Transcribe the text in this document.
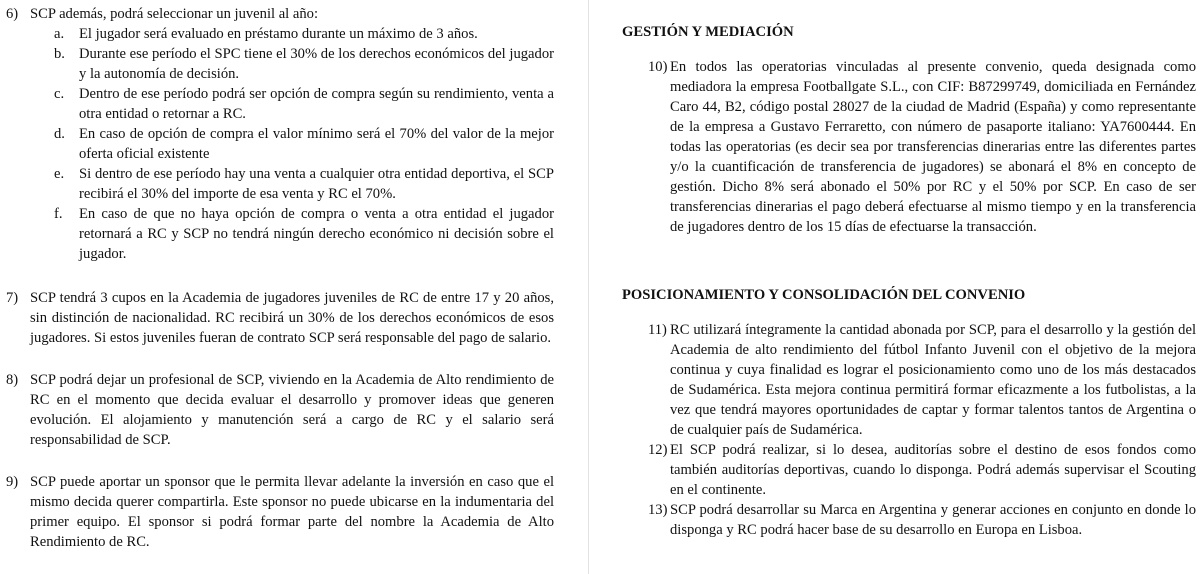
6) SCP además, podrá seleccionar un juvenil al año:
a. El jugador será evaluado en préstamo durante un máximo de 3 años.
b. Durante ese período el SPC tiene el 30% de los derechos económicos del jugador y la autonomía de decisión.
c. Dentro de ese período podrá ser opción de compra según su rendimiento, venta a otra entidad o retornar a RC.
d. En caso de opción de compra el valor mínimo será el 70% del valor de la mejor oferta oficial existente
e. Si dentro de ese período hay una venta a cualquier otra entidad deportiva, el SCP recibirá el 30% del importe de esa venta y RC el 70%.
f. En caso de que no haya opción de compra o venta a otra entidad el jugador retornará a RC y SCP no tendrá ningún derecho económico ni decisión sobre el jugador.
7) SCP tendrá 3 cupos en la Academia de jugadores juveniles de RC de entre 17 y 20 años, sin distinción de nacionalidad. RC recibirá un 30% de los derechos económicos de esos jugadores. Si estos juveniles fueran de contrato SCP será responsable del pago de salario.
8) SCP podrá dejar un profesional de SCP, viviendo en la Academia de Alto rendimiento de RC en el momento que decida evaluar el desarrollo y promover ideas que generen evolución. El alojamiento y manutención será a cargo de RC y el salario será responsabilidad de SCP.
9) SCP puede aportar un sponsor que le permita llevar adelante la inversión en caso que el mismo decida querer compartirla. Este sponsor no puede ubicarse en la indumentaria del primer equipo. El sponsor si podrá formar parte del nombre la Academia de Alto Rendimiento de RC.
GESTIÓN Y MEDIACIÓN
10) En todos las operatorias vinculadas al presente convenio, queda designada como mediadora la empresa Footballgate S.L., con CIF: B87299749, domiciliada en Fernández Caro 44, B2, código postal 28027 de la ciudad de Madrid (España) y como representante de la empresa a Gustavo Ferraretto, con número de pasaporte italiano: YA7600444. En todas las operatorias (es decir sea por transferencias dinerarias entre las diferentes partes y/o la cuantificación de transferencia de jugadores) se abonará el 8% en concepto de gestión. Dicho 8% será abonado el 50% por RC y el 50% por SCP. En caso de ser transferencias dinerarias el pago deberá efectuarse al mismo tiempo y en la transferencia de jugadores dentro de los 15 días de efectuarse la transacción.
POSICIONAMIENTO Y CONSOLIDACIÓN DEL CONVENIO
11) RC utilizará íntegramente la cantidad abonada por SCP, para el desarrollo y la gestión del Academia de alto rendimiento del fútbol Infanto Juvenil con el objetivo de la mejora continua y cuya finalidad es lograr el posicionamiento como uno de los más destacados de Sudamérica. Esta mejora continua permitirá formar eficazmente a los futbolistas, a la vez que tendrá mayores oportunidades de captar y formar talentos tantos de Argentina o de cualquier país de Sudamérica.
12) El SCP podrá realizar, si lo desea, auditorías sobre el destino de esos fondos como también auditorías deportivas, cuando lo disponga. Podrá además supervisar el Scouting en el continente.
13) SCP podrá desarrollar su Marca en Argentina y generar acciones en conjunto en donde lo disponga y RC podrá hacer base de su desarrollo en Europa en Lisboa.
